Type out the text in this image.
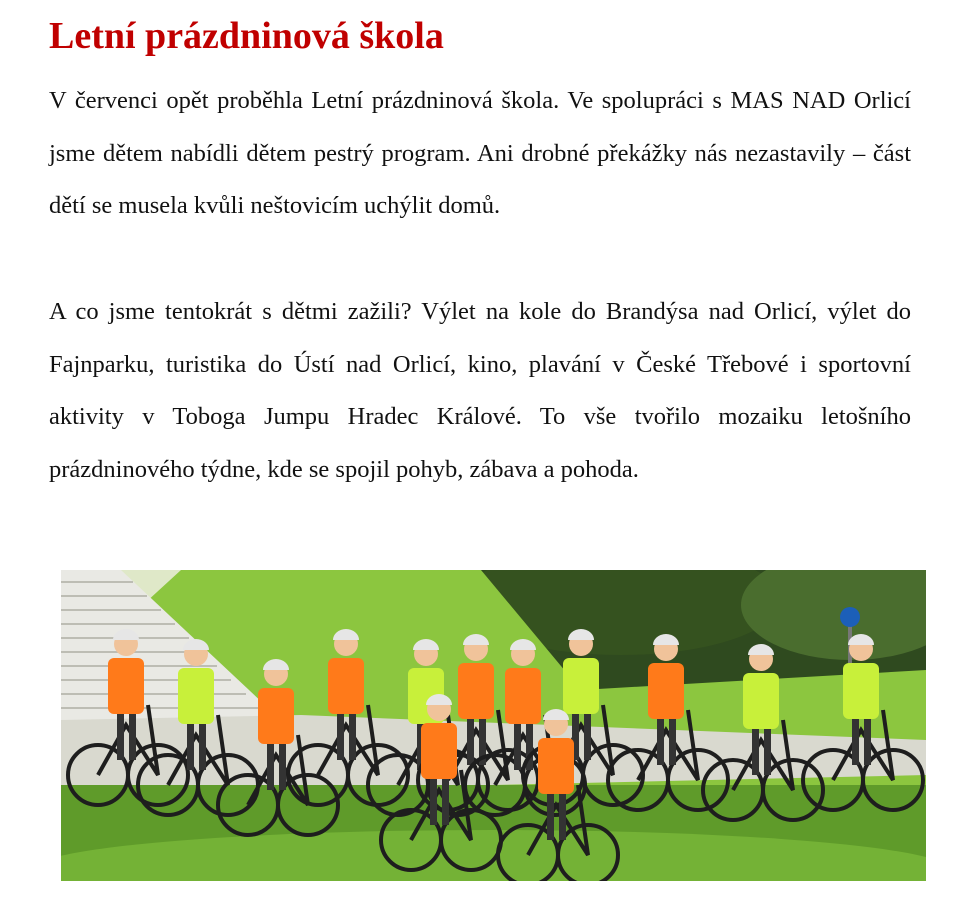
Letní prázdninová škola

V červenci opět proběhla Letní prázdninová škola. Ve spolupráci s MAS NAD Orlicí jsme dětem nabídli dětem pestrý program. Ani drobné překážky nás nezastavily – část dětí se musela kvůli neštovicím uchýlit domů.

A co jsme tentokrát s dětmi zažili? Výlet na kole do Brandýsa nad Orlicí, výlet do Fajnparku, turistika do Ústí nad Orlicí, kino, plavání v České Třebové i sportovní aktivity v Toboga Jumpu Hradec Králové. To vše tvořilo mozaiku letošního prázdninového týdne, kde se spojil pohyb, zábava a pohoda.
